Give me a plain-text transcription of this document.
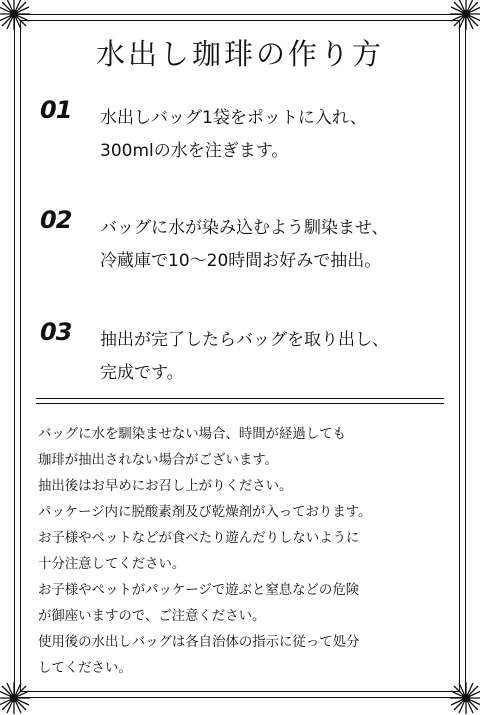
水出し珈琲の作り方
01 水出しバッグ1袋をポットに入れ、
300mlの水を注ぎます。
02 バッグに水が染み込むよう馴染ませ、
冷蔵庫で10〜20時間お好みで抽出。
03 抽出が完了したらバッグを取り出し、
完成です。

バッグに水を馴染ませない場合、時間が経過しても

珈琲が抽出されない場合がございます。

抽出後はお早めにお召し上がりください。

パッケージ内に脱酸素剤及び乾燥剤が入っております。

お子様やペットなどが食べたり遊んだりしないように

十分注意してください。

お子様やペットがパッケージで遊ぶと窒息などの危険

が御座いますので、ご注意ください。

使用後の水出しバッグは各自治体の指示に従って処分

してください。
